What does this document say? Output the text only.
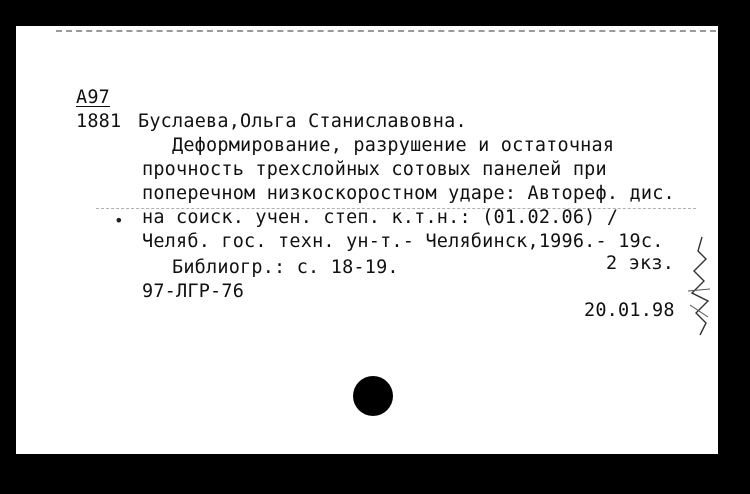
А97
1881 Буслаева,Ольга Станиславовна.
Деформирование, разрушение и остаточная
прочность трехслойных сотовых панелей при
поперечном низкоскоростном ударе: Автореф. дис.
• на соиск. учен. степ. к.т.н.: (01.02.06) /
Челяб. гос. техн. ун-т.- Челябинск,1996.- 19с.
Библиогр.: с. 18-19.	2 экз.
97-ЛГР-76
20.01.98
